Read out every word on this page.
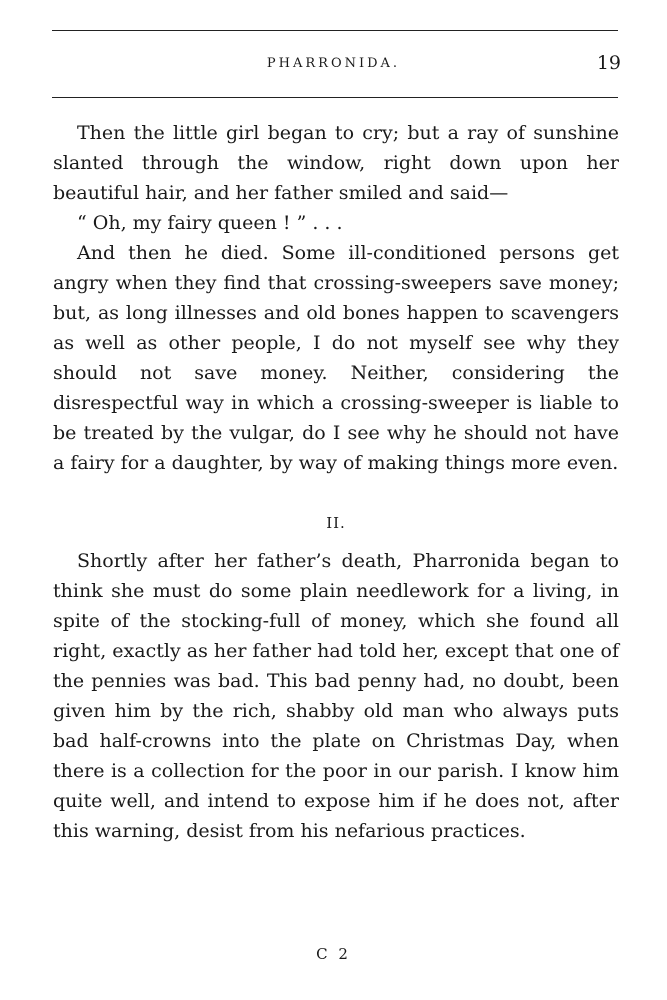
PHARRONIDA.	19

Then the little girl began to cry; but a ray of sunshine slanted through the window, right down upon her beautiful hair, and her father smiled and said—

“ Oh, my fairy queen ! ” . . .

And then he died. Some ill-conditioned persons get angry when they find that crossing-sweepers save money; but, as long illnesses and old bones happen to scavengers as well as other people, I do not myself see why they should not save money. Neither, considering the disrespectful way in which a crossing-sweeper is liable to be treated by the vulgar, do I see why he should not have a fairy for a daughter, by way of making things more even.

II.

Shortly after her father’s death, Pharronida began to think she must do some plain needlework for a living, in spite of the stocking-full of money, which she found all right, exactly as her father had told her, except that one of the pennies was bad. This bad penny had, no doubt, been given him by the rich, shabby old man who always puts bad half-crowns into the plate on Christmas Day, when there is a collection for the poor in our parish. I know him quite well, and intend to expose him if he does not, after this warning, desist from his nefarious practices.

C 2
